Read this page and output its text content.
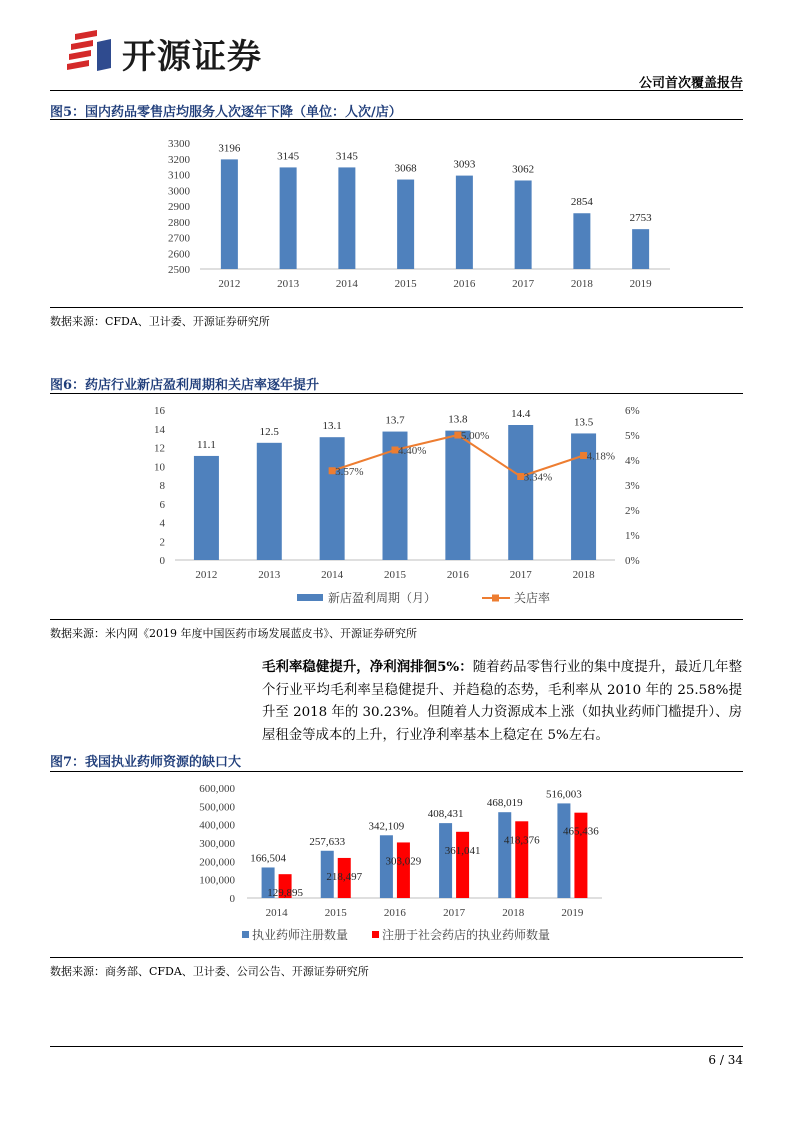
开源证券
公司首次覆盖报告
图5：国内药品零售店均服务人次逐年下降（单位：人次/店）
2500
2600
2700
2800
2900
3000
3100
3200
3300	3196
2012
3145
2013
3145
2014
3068
2015
3093
2016
3062
2017
2854
2018
2753
2019
数据来源：CFDA、卫计委、开源证券研究所
图6：药店行业新店盈利周期和关店率逐年提升
0
2
4
6
8
10
12
14
16
0%
1%
2%
3%
4%
5%
6%
11.1
2012
12.5
2013
13.1
2014
13.7
2015
13.8
2016
14.4
2017
13.5
2018
3.57%
4.40%
5.00%
3.34%
4.18%
新店盈利周期（月）	关店率
数据来源：米内网《2019 年度中国医药市场发展蓝皮书》、开源证券研究所
毛利率稳健提升，净利润排徊5%：随着药品零售行业的集中度提升，最近几年整个行业平均毛利率呈稳健提升、并趋稳的态势，毛利率从 2010 年的 25.58%提升至 2018 年的 30.23%。但随着人力资源成本上涨（如执业药师门槛提升）、房屋租金等成本的上升，行业净利率基本上稳定在 5%左右。
图7：我国执业药师资源的缺口大
0
100,000
200,000
300,000
400,000
500,000
600,000
166,504
129,895
2014
257,633
218,497
2015
342,109
303,029
2016
408,431
361,041
2017
468,019
418,376
2018
516,003
465,436
2019
执业药师注册数量	注册于社会药店的执业药师数量
数据来源：商务部、CFDA、卫计委、公司公告、开源证券研究所
6 / 34
